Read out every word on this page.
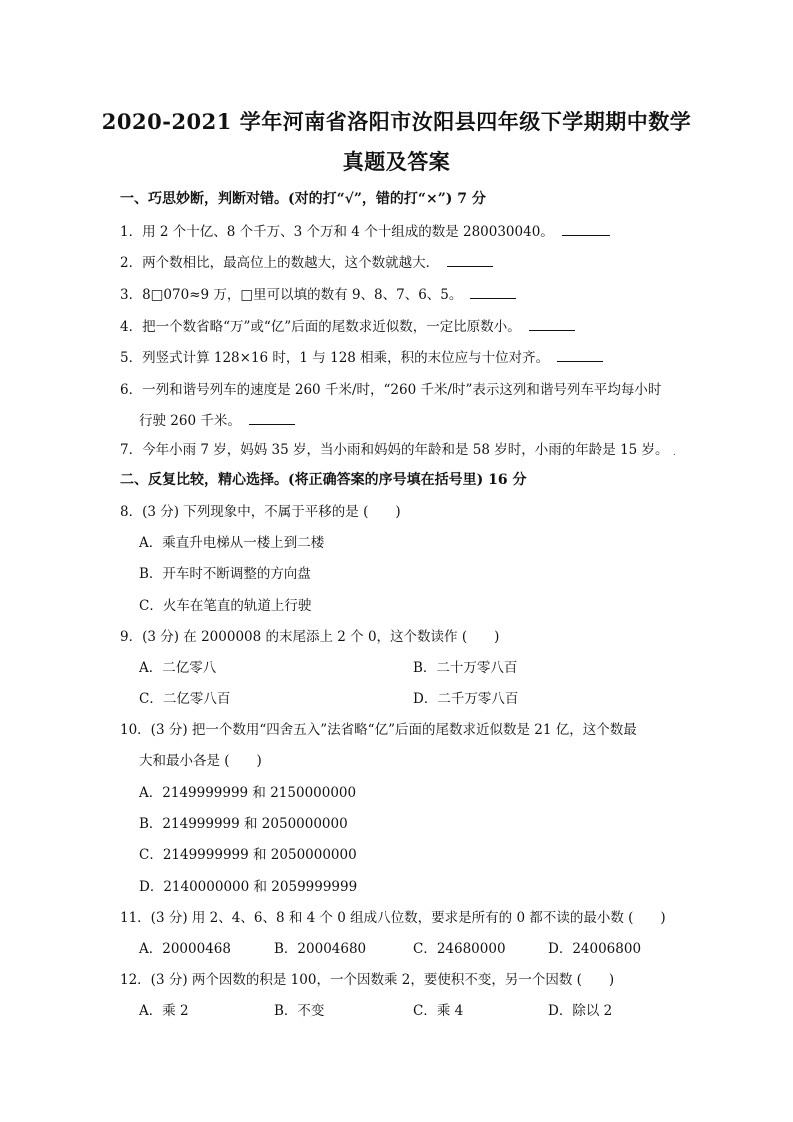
2020-2021 学年河南省洛阳市汝阳县四年级下学期期中数学
真题及答案
一、巧思妙断，判断对错。(对的打“√”，错的打“×”) 7 分
1．用 2 个十亿、8 个千万、3 个万和 4 个十组成的数是 280030040。
2．两个数相比，最高位上的数越大，这个数就越大．
3．8□070≈9 万，□里可以填的数有 9、8、7、6、5。
4．把一个数省略“万”或“亿”后面的尾数求近似数，一定比原数小。
5．列竖式计算 128×16 时，1 与 128 相乘，积的末位应与十位对齐。
6．一列和谐号列车的速度是 260 千米/时，“260 千米/时”表示这列和谐号列车平均每小时
行驶 260 千米。
7．今年小雨 7 岁，妈妈 35 岁，当小雨和妈妈的年龄和是 58 岁时，小雨的年龄是 15 岁。 .
二、反复比较，精心选择。(将正确答案的序号填在括号里) 16 分
8．(3 分) 下列现象中，不属于平移的是 (　　)
A．乘直升电梯从一楼上到二楼
B．开车时不断调整的方向盘
C．火车在笔直的轨道上行驶
9．(3 分) 在 2000008 的末尾添上 2 个 0，这个数读作 (　　)
A．二亿零八	B．二十万零八百
C．二亿零八百	D．二千万零八百
10．(3 分) 把一个数用“四舍五入”法省略“亿”后面的尾数求近似数是 21 亿，这个数最
大和最小各是 (　　)
A．2149999999 和 2150000000
B．214999999 和 2050000000
C．2149999999 和 2050000000
D．2140000000 和 2059999999
11．(3 分) 用 2、4、6、8 和 4 个 0 组成八位数，要求是所有的 0 都不读的最小数 (　　)
A．20000468	B．20004680	C．24680000	D．24006800
12．(3 分) 两个因数的积是 100，一个因数乘 2，要使积不变，另一个因数 (　　)
A．乘 2	B．不变	C．乘 4	D．除以 2
